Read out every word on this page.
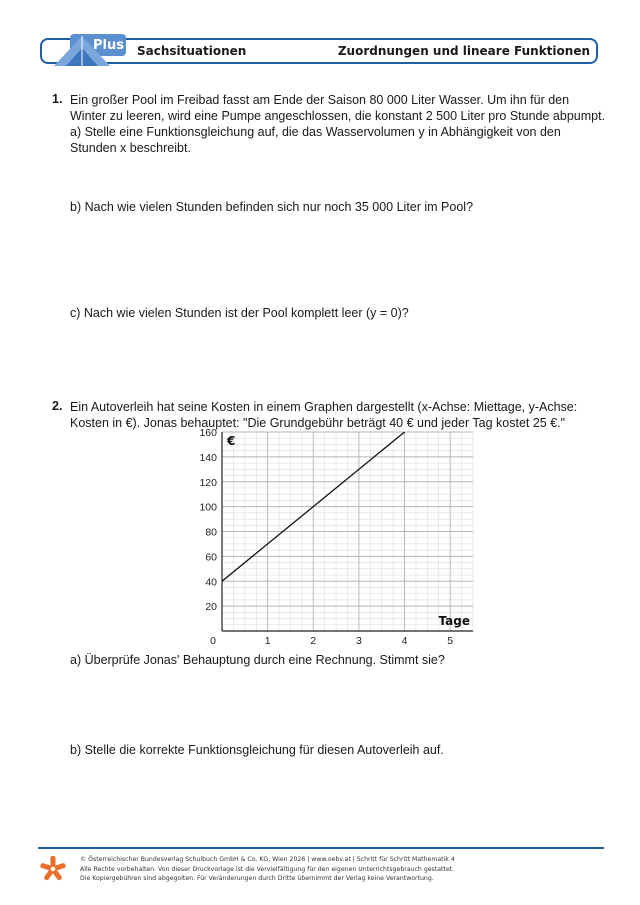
Plus Sachsituationen	Zuordnungen und lineare Funktionen
1. Ein großer Pool im Freibad fasst am Ende der Saison 80 000 Liter Wasser. Um ihn für den
Winter zu leeren, wird eine Pumpe angeschlossen, die konstant 2 500 Liter pro Stunde abpumpt.
a) Stelle eine Funktionsgleichung auf, die das Wasservolumen y in Abhängigkeit von den
Stunden x beschreibt.
b) Nach wie vielen Stunden befinden sich nur noch 35 000 Liter im Pool?
c) Nach wie vielen Stunden ist der Pool komplett leer (y = 0)?
2. Ein Autoverleih hat seine Kosten in einem Graphen dargestellt (x-Achse: Miettage, y-Achse:
Kosten in €). Jonas behauptet: "Die Grundgebühr beträgt 40 € und jeder Tag kostet 25 €."
0	1	2	3	4	5
20
40
60
80
100
120
140
160
€
Tage
a) Überprüfe Jonas' Behauptung durch eine Rechnung. Stimmt sie?
b) Stelle die korrekte Funktionsgleichung für diesen Autoverleih auf.
© Österreichischer Bundesverlag Schulbuch GmbH & Co. KG, Wien 2026 | www.oebv.at | Schritt für Schritt Mathematik 4
Alle Rechte vorbehalten. Von dieser Druckvorlage ist die Vervielfältigung für den eigenen Unterrichtsgebrauch gestattet.
Die Kopiergebühren sind abgegolten. Für Veränderungen durch Dritte übernimmt der Verlag keine Verantwortung.
